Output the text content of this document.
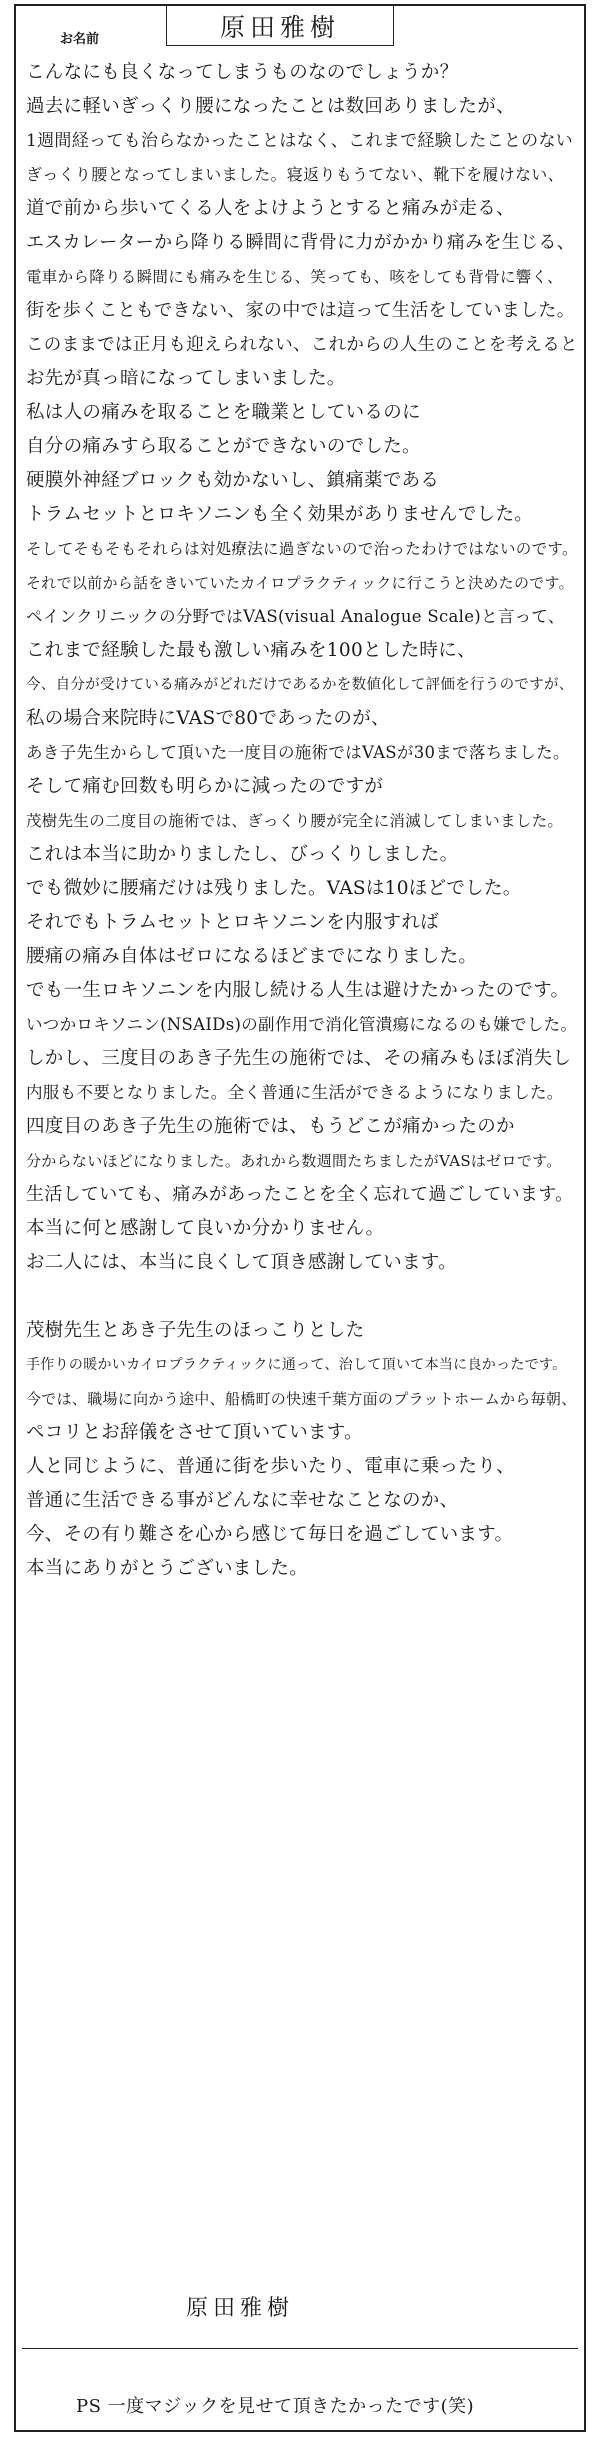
原田雅樹
お名前
こんなにも良くなってしまうものなのでしょうか？
過去に軽いぎっくり腰になったことは数回ありましたが、
1週間経っても治らなかったことはなく、これまで経験したことのない
ぎっくり腰となってしまいました。寝返りもうてない、靴下を履けない、
道で前から歩いてくる人をよけようとすると痛みが走る、
エスカレーターから降りる瞬間に背骨に力がかかり痛みを生じる、
電車から降りる瞬間にも痛みを生じる、笑っても、咳をしても背骨に響く、
街を歩くこともできない、家の中では這って生活をしていました。
このままでは正月も迎えられない、これからの人生のことを考えると
お先が真っ暗になってしまいました。
私は人の痛みを取ることを職業としているのに
自分の痛みすら取ることができないのでした。
硬膜外神経ブロックも効かないし、鎮痛薬である
トラムセットとロキソニンも全く効果がありませんでした。
そしてそもそもそれらは対処療法に過ぎないので治ったわけではないのです。
それで以前から話をきいていたカイロプラクティックに行こうと決めたのです。
ペインクリニックの分野ではVAS(visual Analogue Scale)と言って、
これまで経験した最も激しい痛みを100とした時に、
今、自分が受けている痛みがどれだけであるかを数値化して評価を行うのですが、
私の場合来院時にVASで80であったのが、
あき子先生からして頂いた一度目の施術ではVASが30まで落ちました。
そして痛む回数も明らかに減ったのですが
茂樹先生の二度目の施術では、ぎっくり腰が完全に消滅してしまいました。
これは本当に助かりましたし、びっくりしました。
でも微妙に腰痛だけは残りました。VASは10ほどでした。
それでもトラムセットとロキソニンを内服すれば
腰痛の痛み自体はゼロになるほどまでになりました。
でも一生ロキソニンを内服し続ける人生は避けたかったのです。
いつかロキソニン(NSAIDs)の副作用で消化管潰瘍になるのも嫌でした。
しかし、三度目のあき子先生の施術では、その痛みもほぼ消失し
内服も不要となりました。全く普通に生活ができるようになりました。
四度目のあき子先生の施術では、もうどこが痛かったのか
分からないほどになりました。あれから数週間たちましたがVASはゼロです。
生活していても、痛みがあったことを全く忘れて過ごしています。
本当に何と感謝して良いか分かりません。
お二人には、本当に良くして頂き感謝しています。
茂樹先生とあき子先生のほっこりとした
手作りの暖かいカイロプラクティックに通って、治して頂いて本当に良かったです。
今では、職場に向かう途中、船橋町の快速千葉方面のプラットホームから毎朝、
ペコリとお辞儀をさせて頂いています。
人と同じように、普通に街を歩いたり、電車に乗ったり、
普通に生活できる事がどんなに幸せなことなのか、
今、その有り難さを心から感じて毎日を過ごしています。
本当にありがとうございました。
原田雅樹
PS 一度マジックを見せて頂きたかったです(笑)
